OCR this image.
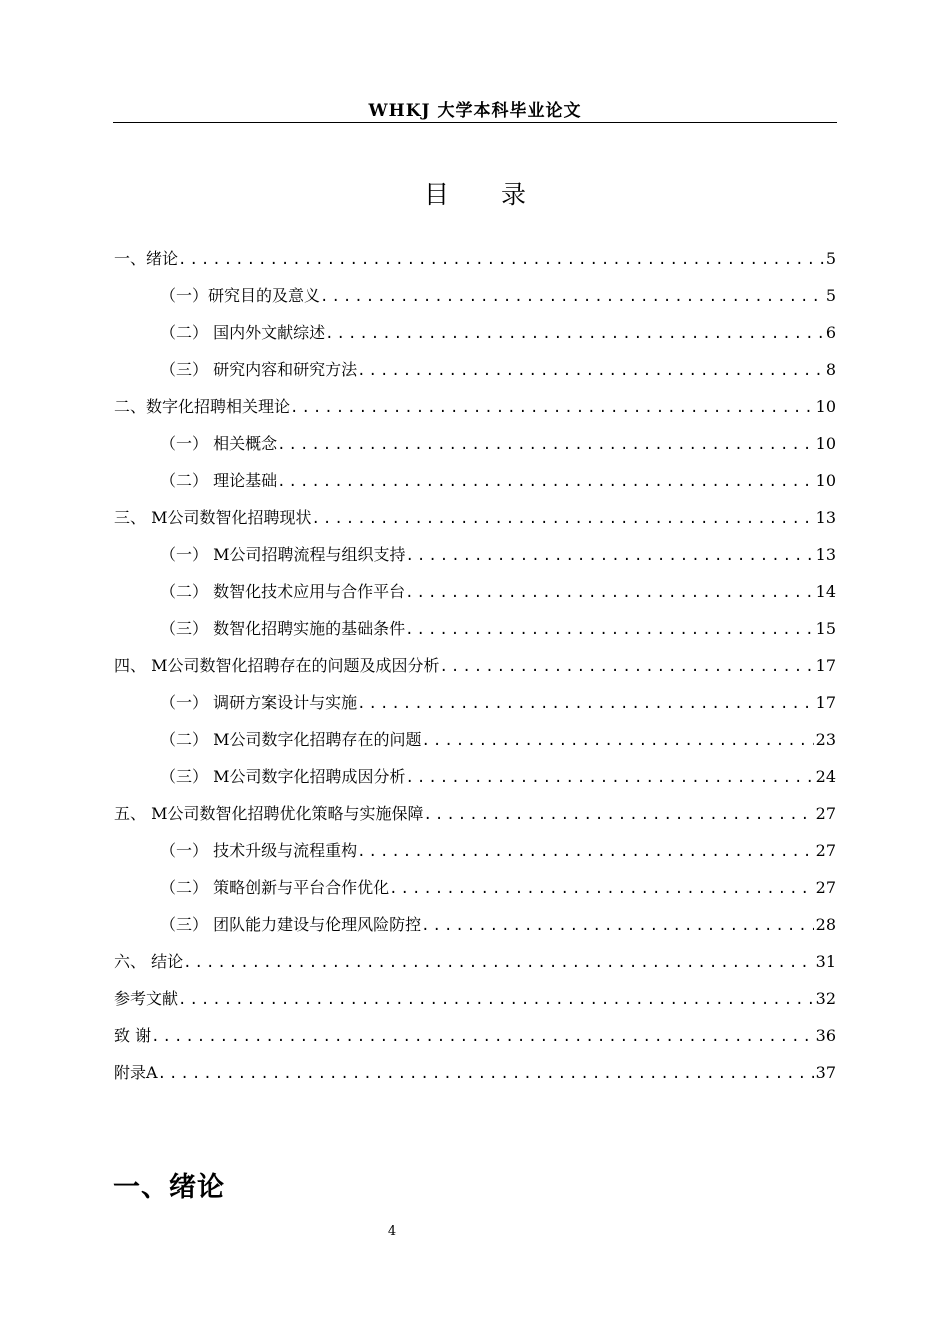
WHKJ 大学本科毕业论文
目 录
一、绪论 .....	5
（一）研究目的及意义 .....	5
（二） 国内外文献综述 .....	6
（三） 研究内容和研究方法 .....	8
二、数字化招聘相关理论 .....	10
（一） 相关概念 .....	10
（二） 理论基础 .....	10
三、 M公司数智化招聘现状 .....	13
（一） M公司招聘流程与组织支持 .....	13
（二） 数智化技术应用与合作平台 .....	14
（三） 数智化招聘实施的基础条件 .....	15
四、 M公司数智化招聘存在的问题及成因分析 .....	17
（一） 调研方案设计与实施 .....	17
（二） M公司数字化招聘存在的问题 .....	23
（三） M公司数字化招聘成因分析 .....	24
五、 M公司数智化招聘优化策略与实施保障 .....	27
（一） 技术升级与流程重构 .....	27
（二） 策略创新与平台合作优化 .....	27
（三） 团队能力建设与伦理风险防控 .....	28
六、 结论 .....	31
参考文献 .....	32
致 谢 .....	36
附录A .....	37
一、绪论
4
